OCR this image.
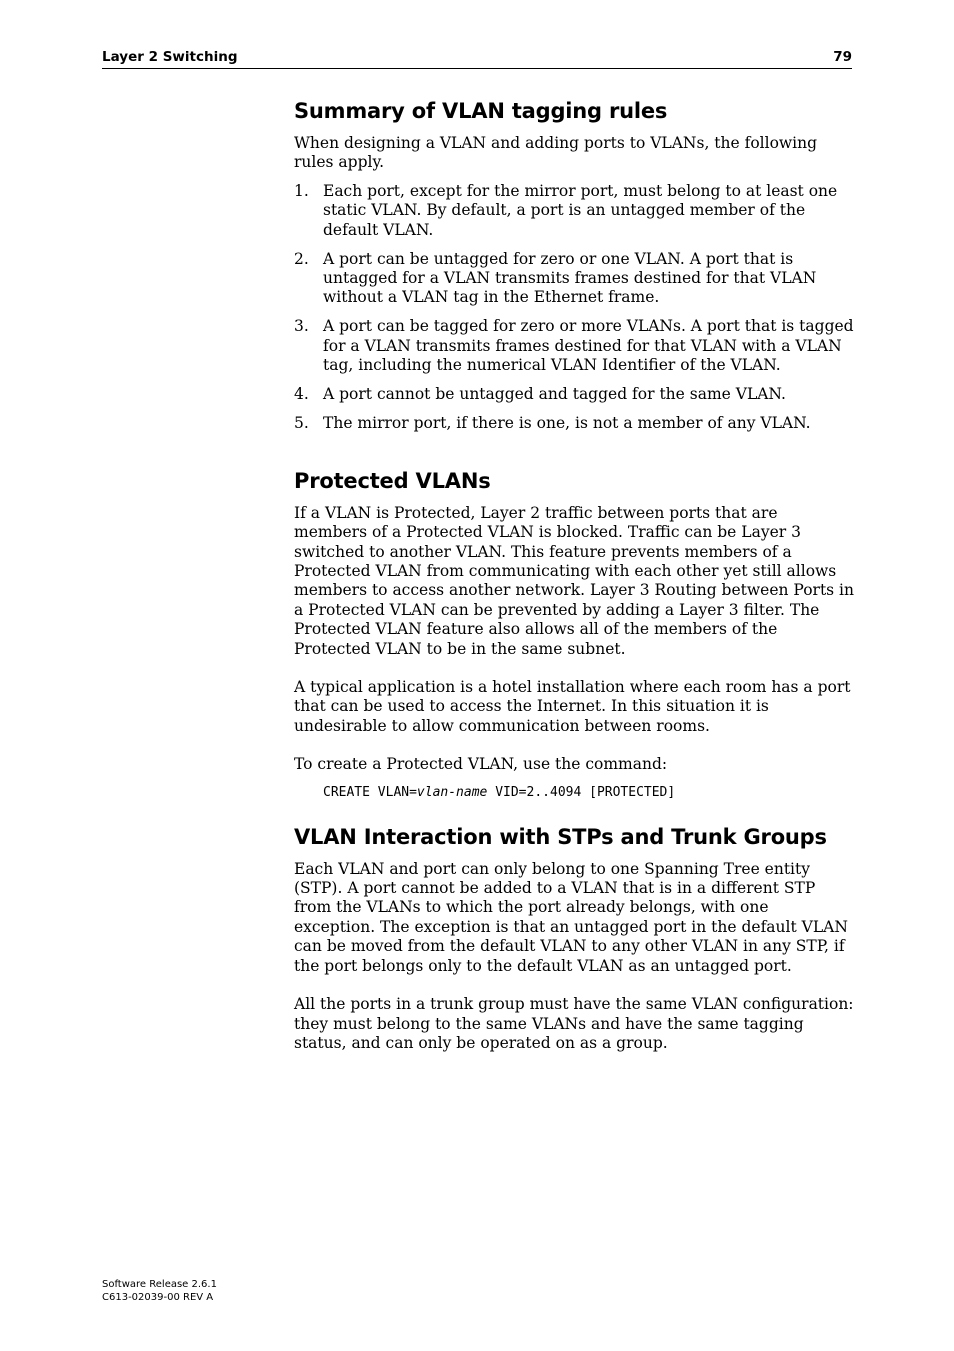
Layer 2 Switching	79
Summary of VLAN tagging rules

When designing a VLAN and adding ports to VLANs, the following rules apply.

1. Each port, except for the mirror port, must belong to at least one static VLAN. By default, a port is an untagged member of the default VLAN.
2. A port can be untagged for zero or one VLAN. A port that is untagged for a VLAN transmits frames destined for that VLAN without a VLAN tag in the Ethernet frame.
3. A port can be tagged for zero or more VLANs. A port that is tagged for a VLAN transmits frames destined for that VLAN with a VLAN tag, including the numerical VLAN Identifier of the VLAN.
4. A port cannot be untagged and tagged for the same VLAN.
5. The mirror port, if there is one, is not a member of any VLAN.
Protected VLANs

If a VLAN is Protected, Layer 2 traffic between ports that are members of a Protected VLAN is blocked. Traffic can be Layer 3 switched to another VLAN. This feature prevents members of a Protected VLAN from communicating with each other yet still allows members to access another network. Layer 3 Routing between Ports in a Protected VLAN can be prevented by adding a Layer 3 filter. The Protected VLAN feature also allows all of the members of the Protected VLAN to be in the same subnet.

A typical application is a hotel installation where each room has a port that can be used to access the Internet. In this situation it is undesirable to allow communication between rooms.

To create a Protected VLAN, use the command:

CREATE VLAN=vlan-name VID=2..4094 [PROTECTED]
VLAN Interaction with STPs and Trunk Groups

Each VLAN and port can only belong to one Spanning Tree entity (STP). A port cannot be added to a VLAN that is in a different STP from the VLANs to which the port already belongs, with one exception. The exception is that an untagged port in the default VLAN can be moved from the default VLAN to any other VLAN in any STP, if the port belongs only to the default VLAN as an untagged port.

All the ports in a trunk group must have the same VLAN configuration: they must belong to the same VLANs and have the same tagging status, and can only be operated on as a group.

Software Release 2.6.1
C613-02039-00 REV A
